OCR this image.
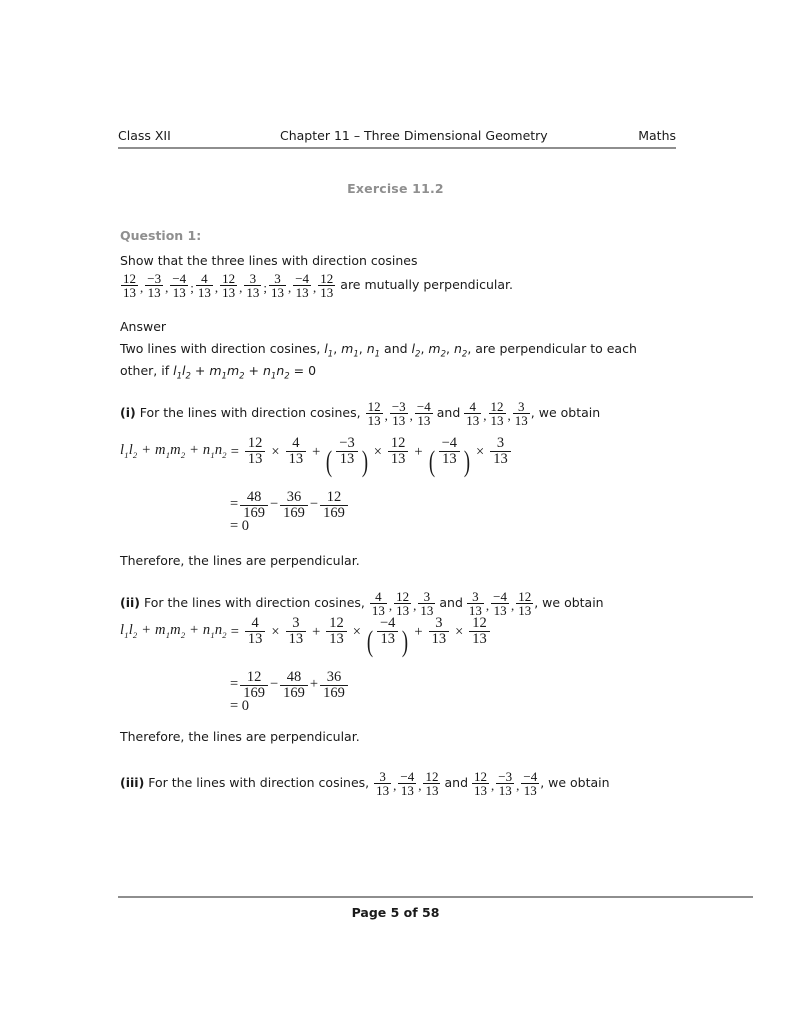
Class XII	Chapter 11 – Three Dimensional Geometry	Maths
Exercise 11.2
Question 1:
Show that the three lines with direction cosines
$\frac{12}{13}$ , $\frac{-3}{13}$ , $\frac{-4}{13}$ ; $\frac{4}{13}$ , $\frac{12}{13}$ , $\frac{3}{13}$ ; $\frac{3}{13}$ , $\frac{-4}{13}$ , $\frac{12}{13}$ are mutually perpendicular.
Answer
Two lines with direction cosines, $l_1$, $m_1$, $n_1$ and $l_2$, $m_2$, $n_2$, are perpendicular to each
other, if $l_1l_2 + m_1m_2 + n_1n_2 = 0$
(i) For the lines with direction cosines, $\frac{12}{13}$ , $\frac{-3}{13}$ , $\frac{-4}{13}$ and $\frac{4}{13}$ , $\frac{12}{13}$ , $\frac{3}{13}$ , we obtain
$l_1l_2 + m_1m_2 + n_1n_2 = \frac{12}{13} \times \frac{4}{13}$ + ( $\frac{-3}{13}$ ) × $\frac{12}{13}$ + ( $\frac{-4}{13}$ ) × $\frac{3}{13}$
= $\frac{48}{169} - \frac{36}{169} - \frac{12}{169}$
= 0
Therefore, the lines are perpendicular.
(ii) For the lines with direction cosines, $\frac{4}{13}$ , $\frac{12}{13}$ , $\frac{3}{13}$ and $\frac{3}{13}$ , $\frac{-4}{13}$ , $\frac{12}{13}$ , we obtain
$l_1l_2 + m_1m_2 + n_1n_2 = \frac{4}{13} \times \frac{3}{13} + \frac{12}{13}$ × ( $\frac{-4}{13}$ ) + $\frac{3}{13} \times \frac{12}{13}$
= $\frac{12}{169} - \frac{48}{169} + \frac{36}{169}$
= 0
Therefore, the lines are perpendicular.
(iii) For the lines with direction cosines, $\frac{3}{13}$ , $\frac{-4}{13}$ , $\frac{12}{13}$ and $\frac{12}{13}$ , $\frac{-3}{13}$ , $\frac{-4}{13}$ , we obtain
Page 5 of 58
